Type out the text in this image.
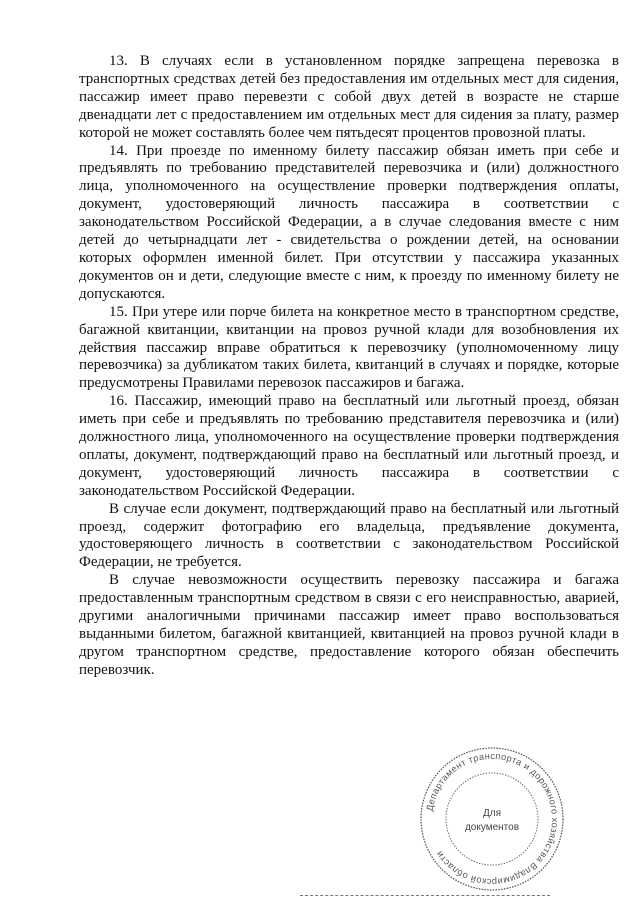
13. В случаях если в установленном порядке запрещена перевозка в транспортных средствах детей без предоставления им отдельных мест для сидения, пассажир имеет право перевезти с собой двух детей в возрасте не старше двенадцати лет с предоставлением им отдельных мест для сидения за плату, размер которой не может составлять более чем пятьдесят процентов провозной платы.

14. При проезде по именному билету пассажир обязан иметь при себе и предъявлять по требованию представителей перевозчика и (или) должностного лица, уполномоченного на осуществление проверки подтверждения оплаты, документ, удостоверяющий личность пассажира в соответствии с законодательством Российской Федерации, а в случае следования вместе с ним детей до четырнадцати лет - свидетельства о рождении детей, на основании которых оформлен именной билет. При отсутствии у пассажира указанных документов он и дети, следующие вместе с ним, к проезду по именному билету не допускаются.

15. При утере или порче билета на конкретное место в транспортном средстве, багажной квитанции, квитанции на провоз ручной клади для возобновления их действия пассажир вправе обратиться к перевозчику (уполномоченному лицу перевозчика) за дубликатом таких билета, квитанций в случаях и порядке, которые предусмотрены Правилами перевозок пассажиров и багажа.

16. Пассажир, имеющий право на бесплатный или льготный проезд, обязан иметь при себе и предъявлять по требованию представителя перевозчика и (или) должностного лица, уполномоченного на осуществление проверки подтверждения оплаты, документ, подтверждающий право на бесплатный или льготный проезд, и документ, удостоверяющий личность пассажира в соответствии с законодательством Российской Федерации.

В случае если документ, подтверждающий право на бесплатный или льготный проезд, содержит фотографию его владельца, предъявление документа, удостоверяющего личность в соответствии с законодательством Российской Федерации, не требуется.

В случае невозможности осуществить перевозку пассажира и багажа предоставленным транспортным средством в связи с его неисправностью, аварией, другими аналогичными причинами пассажир имеет право воспользоваться выданными билетом, багажной квитанцией, квитанцией на провоз ручной клади в другом транспортном средстве, предоставление которого обязан обеспечить перевозчик.

Департамент транспорта и дорожного хозяйства Владимирской области
Для
документов
